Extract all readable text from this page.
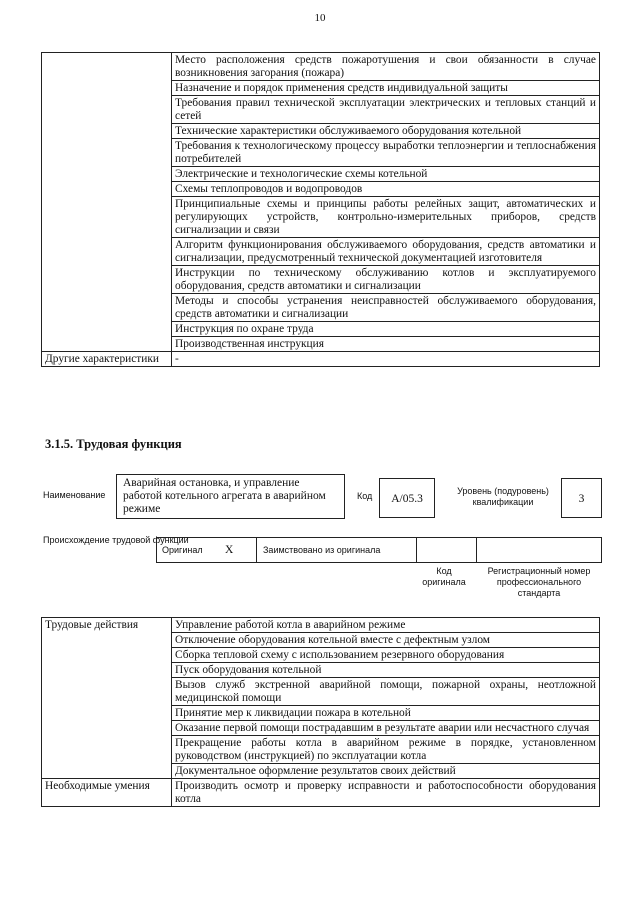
10
	Место расположения средств пожаротушения и свои обязанности в случае возникновения загорания (пожара)
	Назначение и порядок применения средств индивидуальной защиты
	Требования правил технической эксплуатации электрических и тепловых станций и сетей
	Технические характеристики обслуживаемого оборудования котельной
	Требования к технологическому процессу выработки теплоэнергии и теплоснабжения потребителей
	Электрические и технологические схемы котельной
	Схемы теплопроводов и водопроводов
	Принципиальные схемы и принципы работы релейных защит, автоматических и регулирующих устройств, контрольно-измерительных приборов, средств сигнализации и связи
	Алгоритм функционирования обслуживаемого оборудования, средств автоматики и сигнализации, предусмотренный технической документацией изготовителя
	Инструкции по техническому обслуживанию котлов и эксплуатируемого оборудования, средств автоматики и сигнализации
	Методы и способы устранения неисправностей обслуживаемого оборудования, средств автоматики и сигнализации
	Инструкция по охране труда
	Производственная инструкция
Другие характеристики	-
3.1.5. Трудовая функция
Наименование
Аварийная остановка, и управление работой котельного агрегата в аварийном режиме
Код	А/05.3
Уровень (подуровень) квалификации	3
Происхождение трудовой функции
Оригинал X	Заимствовано из оригинала
Код оригинала
Регистрационный номер профессионального стандарта
Трудовые действия	Управление работой котла в аварийном режиме
	Отключение оборудования котельной вместе с дефектным узлом
	Сборка тепловой схему с использованием резервного оборудования
	Пуск оборудования котельной
	Вызов служб экстренной аварийной помощи, пожарной охраны, неотложной медицинской помощи
	Принятие мер к ликвидации пожара в котельной
	Оказание первой помощи пострадавшим в результате аварии или несчастного случая
	Прекращение работы котла в аварийном режиме в порядке, установленном руководством (инструкцией) по эксплуатации котла
	Документальное оформление результатов своих действий
Необходимые умения	Производить осмотр и проверку исправности и работоспособности оборудования котла
